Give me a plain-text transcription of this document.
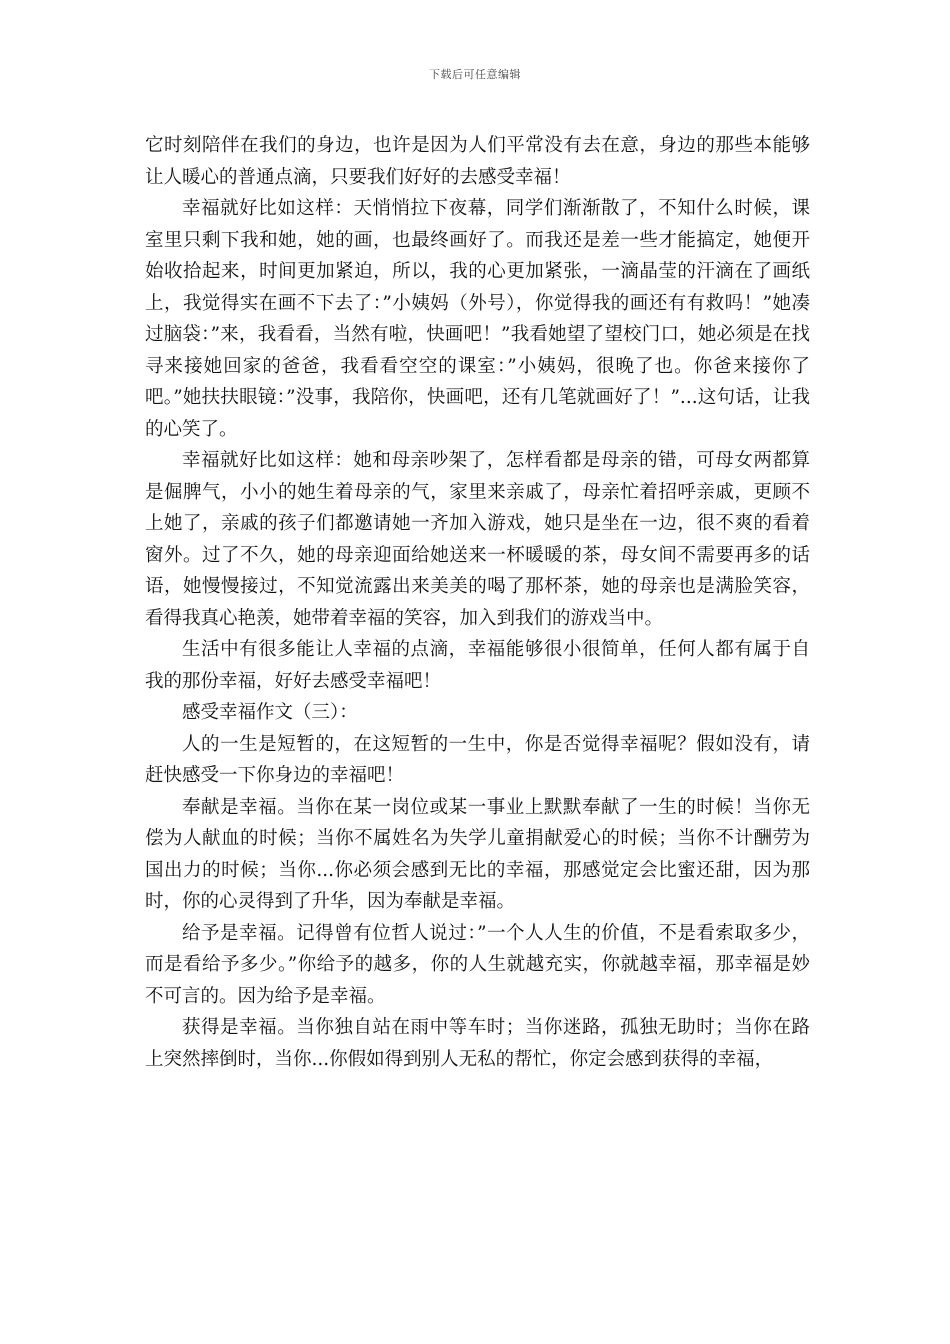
下载后可任意编辑

它时刻陪伴在我们的身边，也许是因为人们平常没有去在意，身边的那些本能够让人暖心的普通点滴，只要我们好好的去感受幸福！

幸福就好比如这样：天悄悄拉下夜幕，同学们渐渐散了，不知什么时候，课室里只剩下我和她，她的画，也最终画好了。而我还是差一些才能搞定，她便开始收拾起来，时间更加紧迫，所以，我的心更加紧张，一滴晶莹的汗滴在了画纸上，我觉得实在画不下去了：”小姨妈（外号），你觉得我的画还有有救吗！”她凑过脑袋：”来，我看看，当然有啦，快画吧！”我看她望了望校门口，她必须是在找寻来接她回家的爸爸，我看看空空的课室：”小姨妈，很晚了也。你爸来接你了吧。”她扶扶眼镜：”没事，我陪你，快画吧，还有几笔就画好了！”...这句话，让我的心笑了。

幸福就好比如这样：她和母亲吵架了，怎样看都是母亲的错，可母女两都算是倔脾气，小小的她生着母亲的气，家里来亲戚了，母亲忙着招呼亲戚，更顾不上她了，亲戚的孩子们都邀请她一齐加入游戏，她只是坐在一边，很不爽的看着窗外。过了不久，她的母亲迎面给她送来一杯暖暖的茶，母女间不需要再多的话语，她慢慢接过，不知觉流露出来美美的喝了那杯茶，她的母亲也是满脸笑容，看得我真心艳羡，她带着幸福的笑容，加入到我们的游戏当中。

生活中有很多能让人幸福的点滴，幸福能够很小很简单，任何人都有属于自我的那份幸福，好好去感受幸福吧！

感受幸福作文（三）：

人的一生是短暂的，在这短暂的一生中，你是否觉得幸福呢？假如没有，请赶快感受一下你身边的幸福吧！

奉献是幸福。当你在某一岗位或某一事业上默默奉献了一生的时候！当你无偿为人献血的时候；当你不属姓名为失学儿童捐献爱心的时候；当你不计酬劳为国出力的时候；当你...你必须会感到无比的幸福，那感觉定会比蜜还甜，因为那时，你的心灵得到了升华，因为奉献是幸福。

给予是幸福。记得曾有位哲人说过：”一个人人生的价值，不是看索取多少，而是看给予多少。”你给予的越多，你的人生就越充实，你就越幸福，那幸福是妙不可言的。因为给予是幸福。

获得是幸福。当你独自站在雨中等车时；当你迷路，孤独无助时；当你在路上突然摔倒时，当你...你假如得到别人无私的帮忙，你定会感到获得的幸福，
